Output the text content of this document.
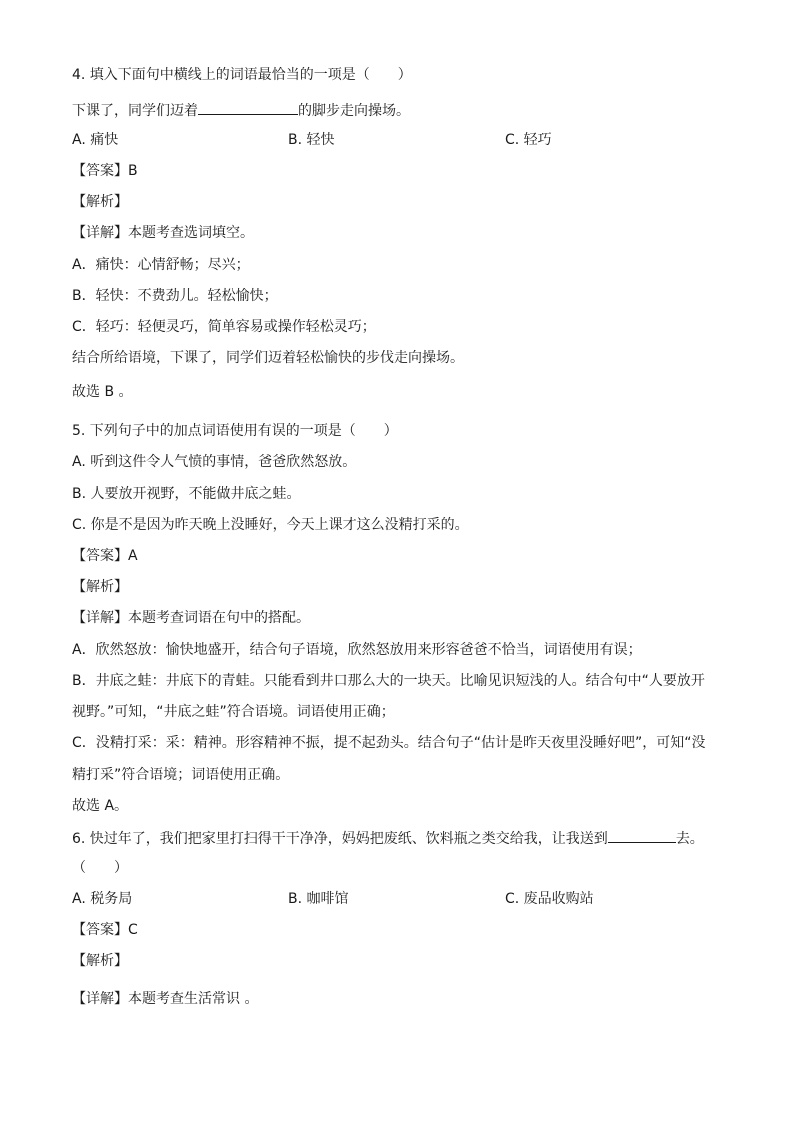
4. 填入下面句中横线上的词语最恰当的一项是（　　）
下课了，同学们迈着	的脚步走向操场。
A. 痛快	B. 轻快	C. 轻巧
【答案】B
【解析】
【详解】本题考查选词填空。
A．痛快：心情舒畅；尽兴；
B．轻快：不费劲儿。轻松愉快；
C．轻巧：轻便灵巧，简单容易或操作轻松灵巧；
结合所给语境，下课了，同学们迈着轻松愉快的步伐走向操场。
故选 B 。
5. 下列句子中的加点词语使用有误的一项是（　　）
A. 听到这件令人气愤的事情，爸爸欣然怒放。
B. 人要放开视野，不能做井底之蛙。
C. 你是不是因为昨天晚上没睡好，今天上课才这么没精打采的。
【答案】A
【解析】
【详解】本题考查词语在句中的搭配。
A．欣然怒放：愉快地盛开，结合句子语境，欣然怒放用来形容爸爸不恰当，词语使用有误；
B．井底之蛙：井底下的青蛙。只能看到井口那么大的一块天。比喻见识短浅的人。结合句中“人要放开
视野。”可知，“井底之蛙”符合语境。词语使用正确；
C．没精打采：采：精神。形容精神不振，提不起劲头。结合句子“估计是昨天夜里没睡好吧”，可知“没
精打采”符合语境；词语使用正确。
故选 A。
6. 快过年了，我们把家里打扫得干干净净，妈妈把废纸、饮料瓶之类交给我，让我送到	去。
（　　）
A. 税务局	B. 咖啡馆	C. 废品收购站
【答案】C
【解析】
【详解】本题考查生活常识 。
